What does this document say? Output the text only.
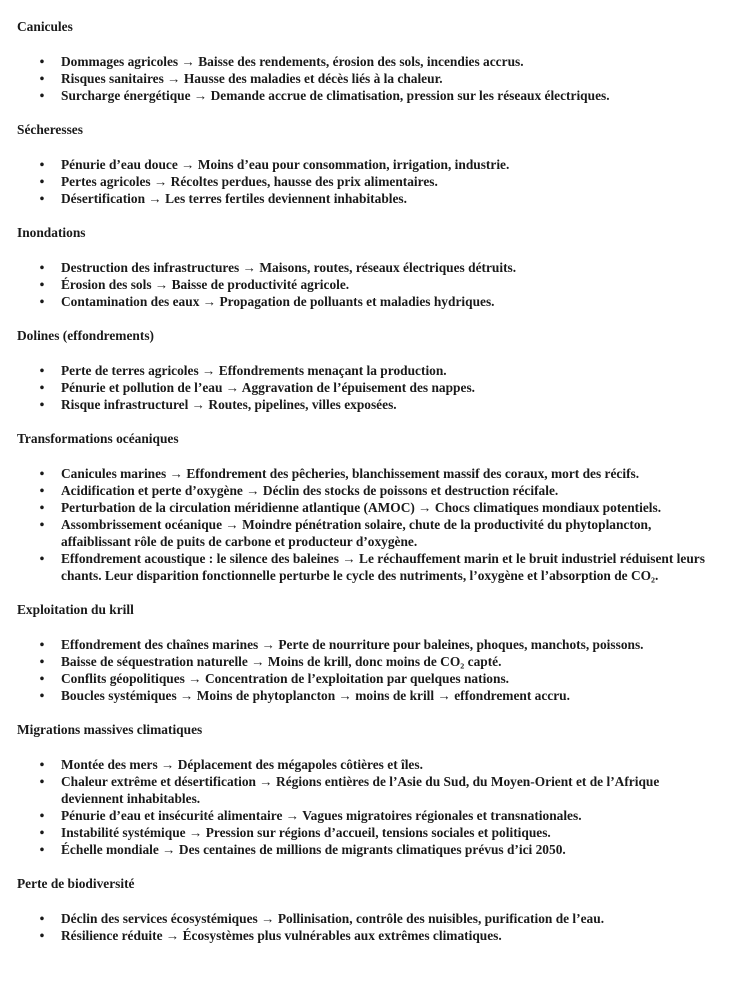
Canicules
• Dommages agricoles → Baisse des rendements, érosion des sols, incendies accrus.
• Risques sanitaires → Hausse des maladies et décès liés à la chaleur.
• Surcharge énergétique → Demande accrue de climatisation, pression sur les réseaux électriques.
Sécheresses
• Pénurie d’eau douce → Moins d’eau pour consommation, irrigation, industrie.
• Pertes agricoles → Récoltes perdues, hausse des prix alimentaires.
• Désertification → Les terres fertiles deviennent inhabitables.
Inondations
• Destruction des infrastructures → Maisons, routes, réseaux électriques détruits.
• Érosion des sols → Baisse de productivité agricole.
• Contamination des eaux → Propagation de polluants et maladies hydriques.
Dolines (effondrements)
• Perte de terres agricoles → Effondrements menaçant la production.
• Pénurie et pollution de l’eau → Aggravation de l’épuisement des nappes.
• Risque infrastructurel → Routes, pipelines, villes exposées.
Transformations océaniques
• Canicules marines → Effondrement des pêcheries, blanchissement massif des coraux, mort des récifs.
• Acidification et perte d’oxygène → Déclin des stocks de poissons et destruction récifale.
• Perturbation de la circulation méridienne atlantique (AMOC) → Chocs climatiques mondiaux potentiels.
• Assombrissement océanique → Moindre pénétration solaire, chute de la productivité du phytoplancton, affaiblissant rôle de puits de carbone et producteur d’oxygène.
• Effondrement acoustique : le silence des baleines → Le réchauffement marin et le bruit industriel réduisent leurs chants. Leur disparition fonctionnelle perturbe le cycle des nutriments, l’oxygène et l’absorption de CO₂.
Exploitation du krill
• Effondrement des chaînes marines → Perte de nourriture pour baleines, phoques, manchots, poissons.
• Baisse de séquestration naturelle → Moins de krill, donc moins de CO₂ capté.
• Conflits géopolitiques → Concentration de l’exploitation par quelques nations.
• Boucles systémiques → Moins de phytoplancton → moins de krill → effondrement accru.
Migrations massives climatiques
• Montée des mers → Déplacement des mégapoles côtières et îles.
• Chaleur extrême et désertification → Régions entières de l’Asie du Sud, du Moyen-Orient et de l’Afrique deviennent inhabitables.
• Pénurie d’eau et insécurité alimentaire → Vagues migratoires régionales et transnationales.
• Instabilité systémique → Pression sur régions d’accueil, tensions sociales et politiques.
• Échelle mondiale → Des centaines de millions de migrants climatiques prévus d’ici 2050.
Perte de biodiversité
• Déclin des services écosystémiques → Pollinisation, contrôle des nuisibles, purification de l’eau.
• Résilience réduite → Écosystèmes plus vulnérables aux extrêmes climatiques.
